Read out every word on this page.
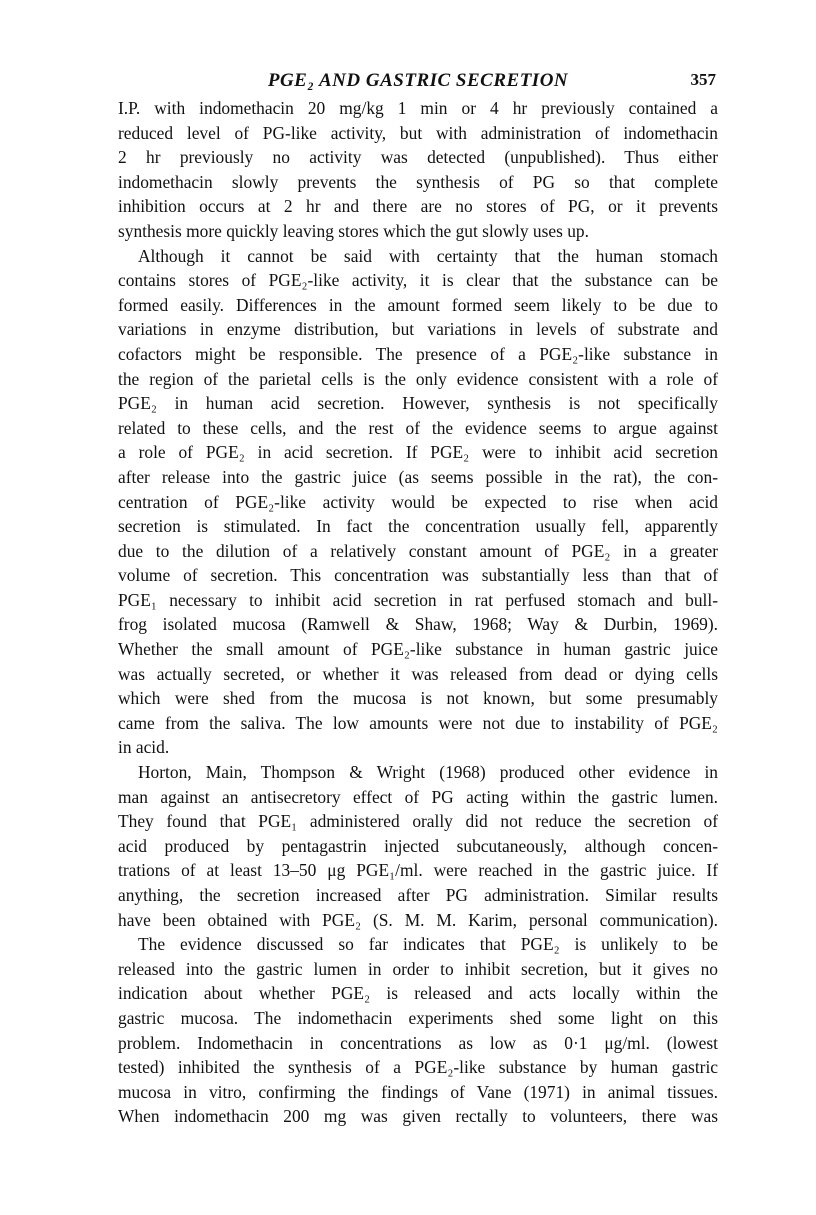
PGE₂ AND GASTRIC SECRETION	357

I.P. with indomethacin 20 mg/kg 1 min or 4 hr previously contained a
reduced level of PG-like activity, but with administration of indomethacin
2 hr previously no activity was detected (unpublished). Thus either
indomethacin slowly prevents the synthesis of PG so that complete
inhibition occurs at 2 hr and there are no stores of PG, or it prevents
synthesis more quickly leaving stores which the gut slowly uses up.

Although it cannot be said with certainty that the human stomach
contains stores of PGE₂-like activity, it is clear that the substance can be
formed easily. Differences in the amount formed seem likely to be due to
variations in enzyme distribution, but variations in levels of substrate and
cofactors might be responsible. The presence of a PGE₂-like substance in
the region of the parietal cells is the only evidence consistent with a role of
PGE₂ in human acid secretion. However, synthesis is not specifically
related to these cells, and the rest of the evidence seems to argue against
a role of PGE₂ in acid secretion. If PGE₂ were to inhibit acid secretion
after release into the gastric juice (as seems possible in the rat), the con-
centration of PGE₂-like activity would be expected to rise when acid
secretion is stimulated. In fact the concentration usually fell, apparently
due to the dilution of a relatively constant amount of PGE₂ in a greater
volume of secretion. This concentration was substantially less than that of
PGE₁ necessary to inhibit acid secretion in rat perfused stomach and bull-
frog isolated mucosa (Ramwell & Shaw, 1968; Way & Durbin, 1969).
Whether the small amount of PGE₂-like substance in human gastric juice
was actually secreted, or whether it was released from dead or dying cells
which were shed from the mucosa is not known, but some presumably
came from the saliva. The low amounts were not due to instability of PGE₂
in acid.

Horton, Main, Thompson & Wright (1968) produced other evidence in
man against an antisecretory effect of PG acting within the gastric lumen.
They found that PGE₁ administered orally did not reduce the secretion of
acid produced by pentagastrin injected subcutaneously, although concen-
trations of at least 13–50 μg PGE₁/ml. were reached in the gastric juice. If
anything, the secretion increased after PG administration. Similar results
have been obtained with PGE₂ (S. M. M. Karim, personal communication).

The evidence discussed so far indicates that PGE₂ is unlikely to be
released into the gastric lumen in order to inhibit secretion, but it gives no
indication about whether PGE₂ is released and acts locally within the
gastric mucosa. The indomethacin experiments shed some light on this
problem. Indomethacin in concentrations as low as 0·1 μg/ml. (lowest
tested) inhibited the synthesis of a PGE₂-like substance by human gastric
mucosa in vitro, confirming the findings of Vane (1971) in animal tissues.
When indomethacin 200 mg was given rectally to volunteers, there was
